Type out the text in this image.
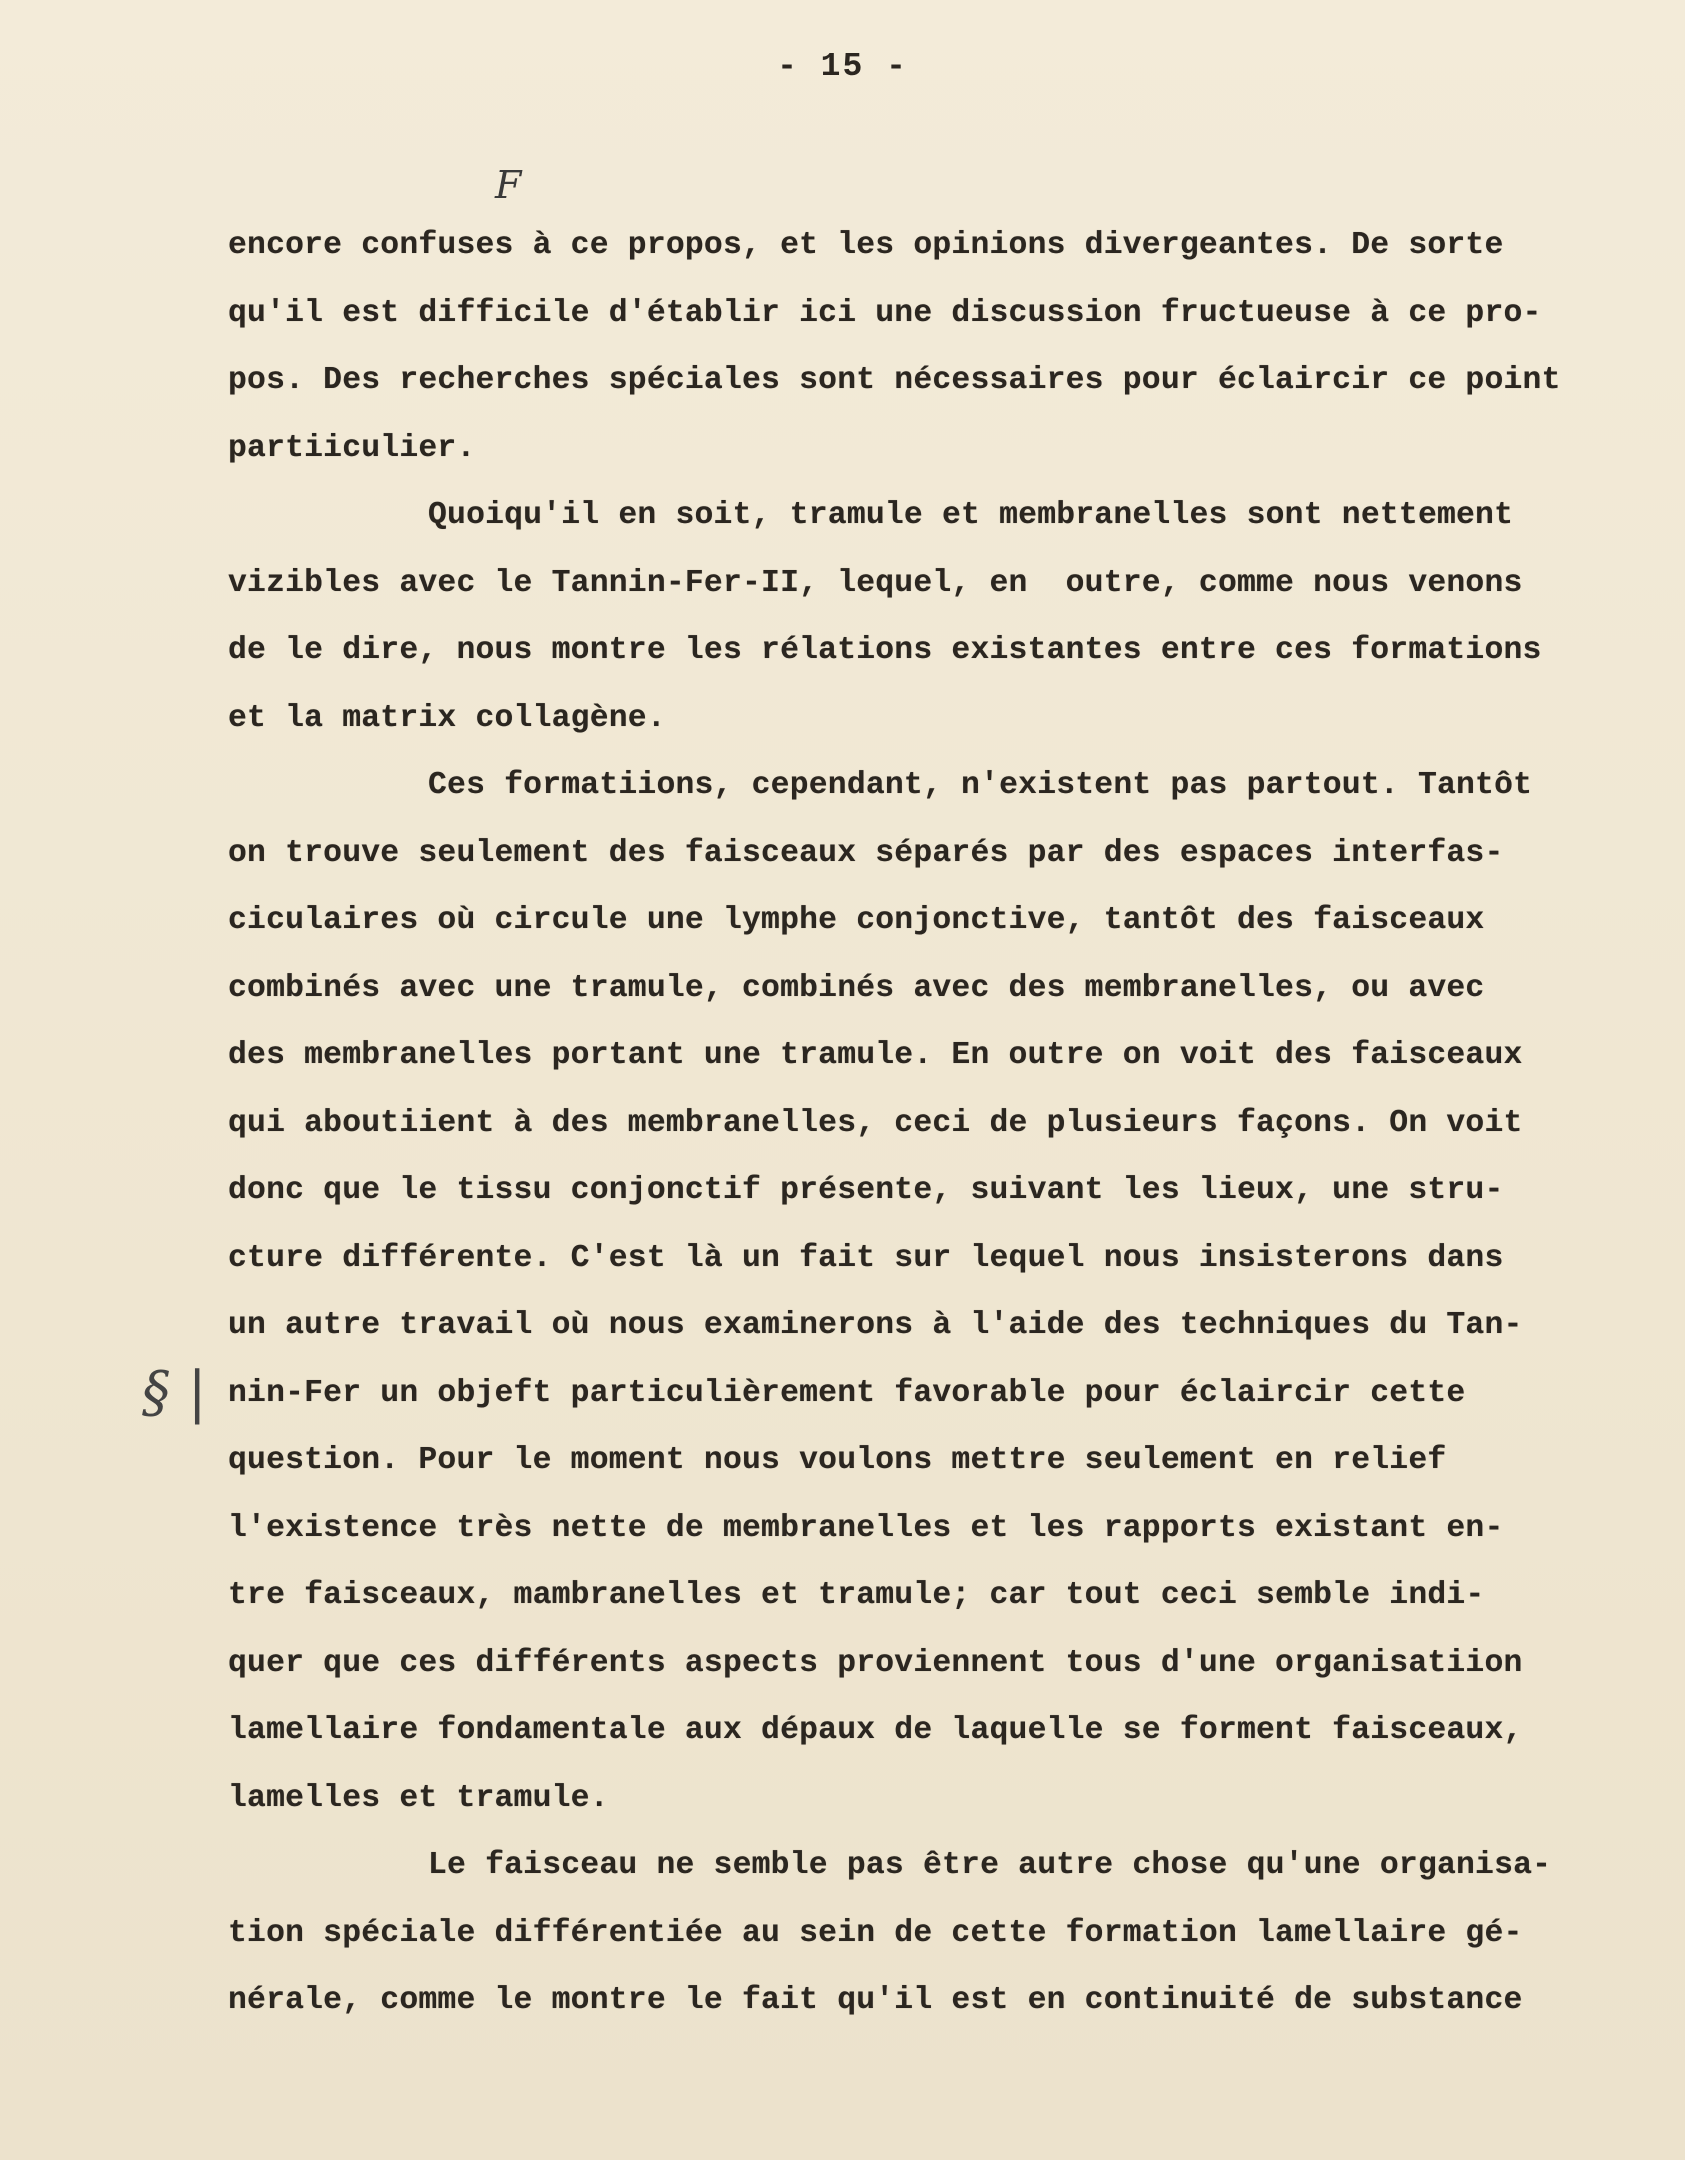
- 15 -
F
§ |
encore confuses à ce propos, et les opinions divergeantes. De sorte
qu'il est difficile d'établir ici une discussion fructueuse à ce pro-
pos. Des recherches spéciales sont nécessaires pour éclaircir ce point
partiiculier.
Quoiqu'il en soit, tramule et membranelles sont nettement
vizibles avec le Tannin-Fer-II, lequel, en  outre, comme nous venons
de le dire, nous montre les rélations existantes entre ces formations
et la matrix collagène.
Ces formatiions, cependant, n'existent pas partout. Tantôt
on trouve seulement des faisceaux séparés par des espaces interfas-
ciculaires où circule une lymphe conjonctive, tantôt des faisceaux
combinés avec une tramule, combinés avec des membranelles, ou avec
des membranelles portant une tramule. En outre on voit des faisceaux
qui aboutiient à des membranelles, ceci de plusieurs façons. On voit
donc que le tissu conjonctif présente, suivant les lieux, une stru-
cture différente. C'est là un fait sur lequel nous insisterons dans
un autre travail où nous examinerons à l'aide des techniques du Tan-
nin-Fer un objeft particulièrement favorable pour éclaircir cette
question. Pour le moment nous voulons mettre seulement en relief
l'existence très nette de membranelles et les rapports existant en-
tre faisceaux, mambranelles et tramule; car tout ceci semble indi-
quer que ces différents aspects proviennent tous d'une organisatiion
lamellaire fondamentale aux dépaux de laquelle se forment faisceaux,
lamelles et tramule.
Le faisceau ne semble pas être autre chose qu'une organisa-
tion spéciale différentiée au sein de cette formation lamellaire gé-
nérale, comme le montre le fait qu'il est en continuité de substance
